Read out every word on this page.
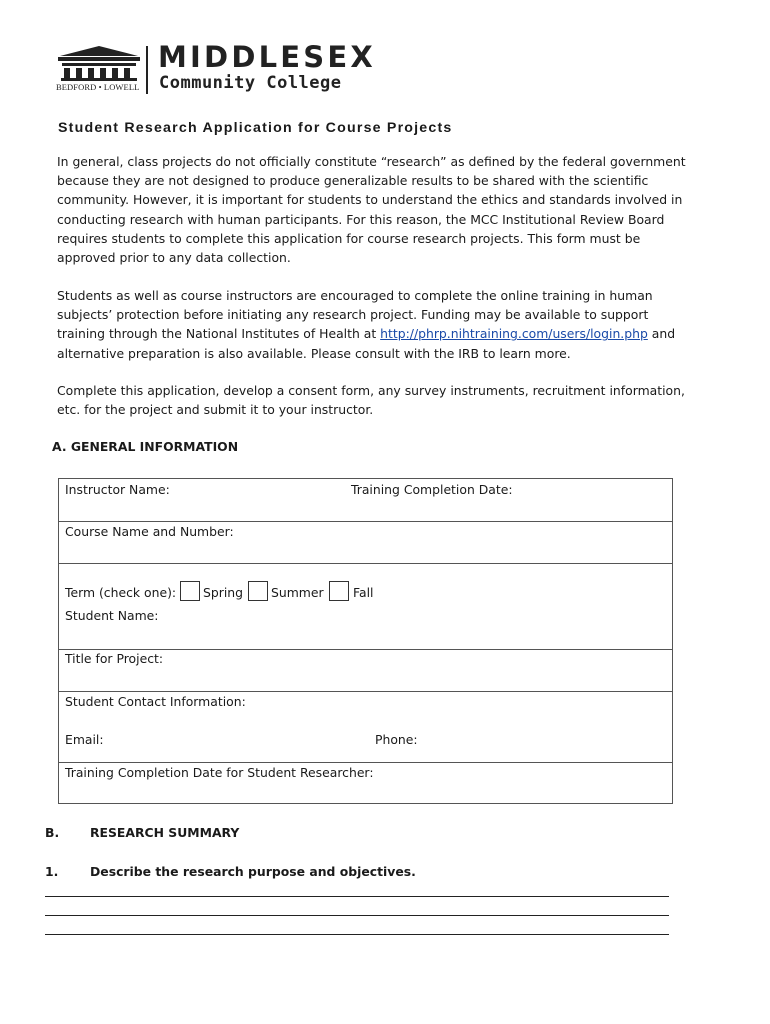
BEDFORD • LOWELL
MIDDLESEX
Community College
Student Research Application for Course Projects
In general, class projects do not officially constitute “research” as defined by the federal government because they are not designed to produce generalizable results to be shared with the scientific community. However, it is important for students to understand the ethics and standards involved in conducting research with human participants. For this reason, the MCC Institutional Review Board requires students to complete this application for course research projects. This form must be approved prior to any data collection.
Students as well as course instructors are encouraged to complete the online training in human subjects’ protection before initiating any research project. Funding may be available to support training through the National Institutes of Health at http://phrp.nihtraining.com/users/login.php and alternative preparation is also available. Please consult with the IRB to learn more.
Complete this application, develop a consent form, any survey instruments, recruitment information, etc. for the project and submit it to your instructor.
A. GENERAL INFORMATION
Instructor Name:	Training Completion Date:
Course Name and Number:
Term (check one): Spring Summer Fall
Student Name:
Title for Project:
Student Contact Information:
Email:	Phone:
Training Completion Date for Student Researcher:
B. RESEARCH SUMMARY
1.	Describe the research purpose and objectives.
